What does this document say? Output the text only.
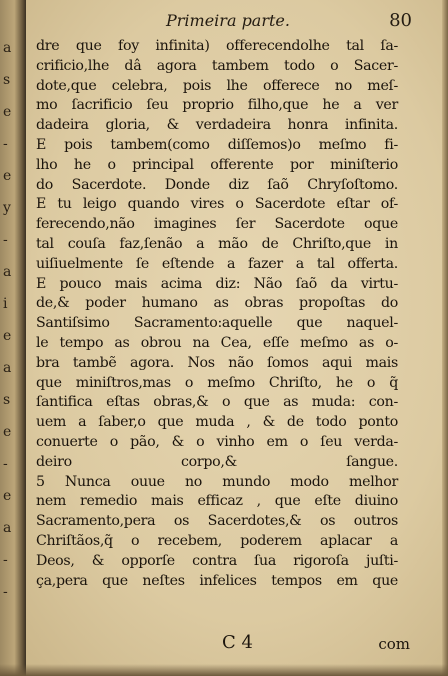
a
s
e
-
e
y
-
a
i
e
a
s
e
-
e
a
-
-
Primeira parte.	80
dre que foy infinita) offerecendolhe tal ſa-
crificio,lhe dâ agora tambem todo o Sacer-
dote,que celebra, pois lhe offerece no meſ-
mo ſacrificio ſeu proprio filho,que he a ver
dadeira gloria, & verdadeira honra infinita.
E pois tambem(como diſſemos)o meſmo fi-
lho he o principal offerente por miniſterio
do Sacerdote. Donde diz ſaõ Chryſoſtomo.
E tu leigo quando vires o Sacerdote eſtar of-
ferecendo,não imagines ſer Sacerdote oque
tal couſa faz,ſenão a mão de Chriſto,que in
uiſiuelmente ſe eſtende a fazer a tal offerta.
E pouco mais acima diz: Não ſaõ da virtu-
de,& poder humano as obras propoſtas do
Santiſsimo Sacramento:aquelle que naquel-
le tempo as obrou na Cea, eſſe meſmo as o-
bra tambẽ agora. Nos não ſomos aqui mais
que miniſtros,mas o meſmo Chriſto, he o q̃
ſantifica eſtas obras,& o que as muda: con-
uem a ſaber,o que muda , & de todo ponto
conuerte o pão, & o vinho em o ſeu verda-
deiro corpo,& ſangue.
5 Nunca ouue no mundo modo melhor
nem remedio mais efficaz , que eſte diuino
Sacramento,pera os Sacerdotes,& os outros
Chriſtãos,q̃ o recebem, poderem aplacar a
Deos, & opporſe contra ſua rigoroſa juſti-
ça,pera que neſtes infelices tempos em que
C 4	com
